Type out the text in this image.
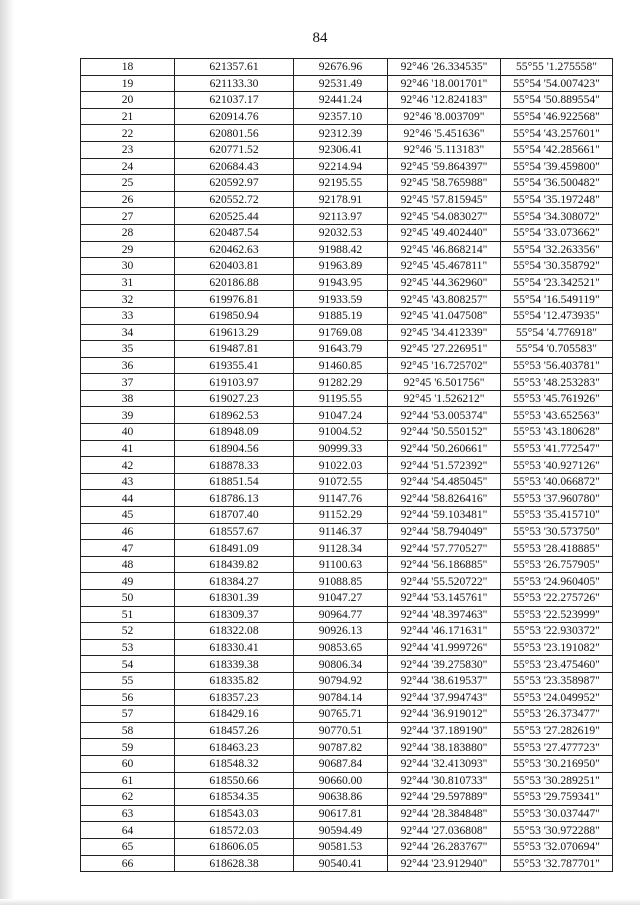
84
18	621357.61	92676.96	92°46 '26.334535"	55°55 '1.275558"
19	621133.30	92531.49	92°46 '18.001701"	55°54 '54.007423"
20	621037.17	92441.24	92°46 '12.824183"	55°54 '50.889554"
21	620914.76	92357.10	92°46 '8.003709"	55°54 '46.922568"
22	620801.56	92312.39	92°46 '5.451636"	55°54 '43.257601"
23	620771.52	92306.41	92°46 '5.113183"	55°54 '42.285661"
24	620684.43	92214.94	92°45 '59.864397"	55°54 '39.459800"
25	620592.97	92195.55	92°45 '58.765988"	55°54 '36.500482"
26	620552.72	92178.91	92°45 '57.815945"	55°54 '35.197248"
27	620525.44	92113.97	92°45 '54.083027"	55°54 '34.308072"
28	620487.54	92032.53	92°45 '49.402440"	55°54 '33.073662"
29	620462.63	91988.42	92°45 '46.868214"	55°54 '32.263356"
30	620403.81	91963.89	92°45 '45.467811"	55°54 '30.358792"
31	620186.88	91943.95	92°45 '44.362960"	55°54 '23.342521"
32	619976.81	91933.59	92°45 '43.808257"	55°54 '16.549119"
33	619850.94	91885.19	92°45 '41.047508"	55°54 '12.473935"
34	619613.29	91769.08	92°45 '34.412339"	55°54 '4.776918"
35	619487.81	91643.79	92°45 '27.226951"	55°54 '0.705583"
36	619355.41	91460.85	92°45 '16.725702"	55°53 '56.403781"
37	619103.97	91282.29	92°45 '6.501756"	55°53 '48.253283"
38	619027.23	91195.55	92°45 '1.526212"	55°53 '45.761926"
39	618962.53	91047.24	92°44 '53.005374"	55°53 '43.652563"
40	618948.09	91004.52	92°44 '50.550152"	55°53 '43.180628"
41	618904.56	90999.33	92°44 '50.260661"	55°53 '41.772547"
42	618878.33	91022.03	92°44 '51.572392"	55°53 '40.927126"
43	618851.54	91072.55	92°44 '54.485045"	55°53 '40.066872"
44	618786.13	91147.76	92°44 '58.826416"	55°53 '37.960780"
45	618707.40	91152.29	92°44 '59.103481"	55°53 '35.415710"
46	618557.67	91146.37	92°44 '58.794049"	55°53 '30.573750"
47	618491.09	91128.34	92°44 '57.770527"	55°53 '28.418885"
48	618439.82	91100.63	92°44 '56.186885"	55°53 '26.757905"
49	618384.27	91088.85	92°44 '55.520722"	55°53 '24.960405"
50	618301.39	91047.27	92°44 '53.145761"	55°53 '22.275726"
51	618309.37	90964.77	92°44 '48.397463"	55°53 '22.523999"
52	618322.08	90926.13	92°44 '46.171631"	55°53 '22.930372"
53	618330.41	90853.65	92°44 '41.999726"	55°53 '23.191082"
54	618339.38	90806.34	92°44 '39.275830"	55°53 '23.475460"
55	618335.82	90794.92	92°44 '38.619537"	55°53 '23.358987"
56	618357.23	90784.14	92°44 '37.994743"	55°53 '24.049952"
57	618429.16	90765.71	92°44 '36.919012"	55°53 '26.373477"
58	618457.26	90770.51	92°44 '37.189190"	55°53 '27.282619"
59	618463.23	90787.82	92°44 '38.183880"	55°53 '27.477723"
60	618548.32	90687.84	92°44 '32.413093"	55°53 '30.216950"
61	618550.66	90660.00	92°44 '30.810733"	55°53 '30.289251"
62	618534.35	90638.86	92°44 '29.597889"	55°53 '29.759341"
63	618543.03	90617.81	92°44 '28.384848"	55°53 '30.037447"
64	618572.03	90594.49	92°44 '27.036808"	55°53 '30.972288"
65	618606.05	90581.53	92°44 '26.283767"	55°53 '32.070694"
66	618628.38	90540.41	92°44 '23.912940"	55°53 '32.787701"
